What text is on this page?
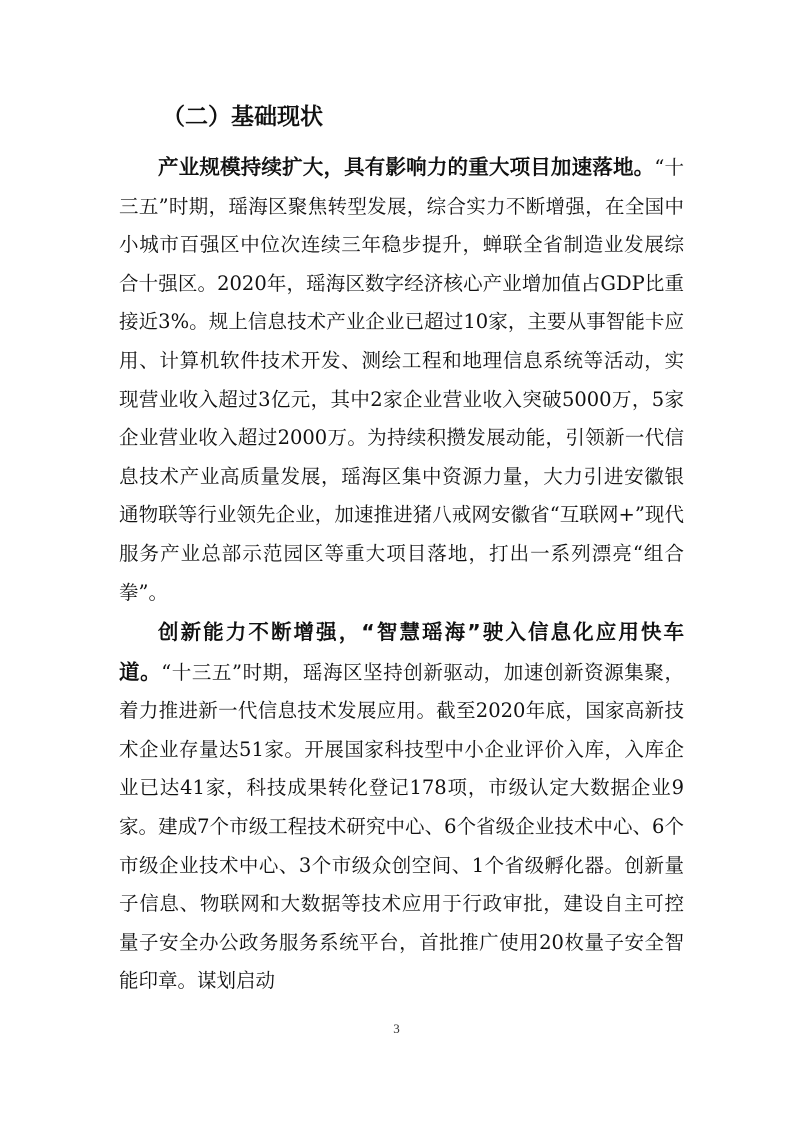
（二）基础现状

产业规模持续扩大，具有影响力的重大项目加速落地。“十三五”时期，瑶海区聚焦转型发展，综合实力不断增强，在全国中小城市百强区中位次连续三年稳步提升，蝉联全省制造业发展综合十强区。2020年，瑶海区数字经济核心产业增加值占GDP比重接近3%。规上信息技术产业企业已超过10家，主要从事智能卡应用、计算机软件技术开发、测绘工程和地理信息系统等活动，实现营业收入超过3亿元，其中2家企业营业收入突破5000万，5家企业营业收入超过2000万。为持续积攒发展动能，引领新一代信息技术产业高质量发展，瑶海区集中资源力量，大力引进安徽银通物联等行业领先企业，加速推进猪八戒网安徽省“互联网+”现代服务产业总部示范园区等重大项目落地，打出一系列漂亮“组合拳”。

创新能力不断增强，“智慧瑶海”驶入信息化应用快车道。“十三五”时期，瑶海区坚持创新驱动，加速创新资源集聚，着力推进新一代信息技术发展应用。截至2020年底，国家高新技术企业存量达51家。开展国家科技型中小企业评价入库，入库企业已达41家，科技成果转化登记178项，市级认定大数据企业9家。建成7个市级工程技术研究中心、6个省级企业技术中心、6个市级企业技术中心、3个市级众创空间、1个省级孵化器。创新量子信息、物联网和大数据等技术应用于行政审批，建设自主可控量子安全办公政务服务系统平台，首批推广使用20枚量子安全智能印章。谋划启动

3
